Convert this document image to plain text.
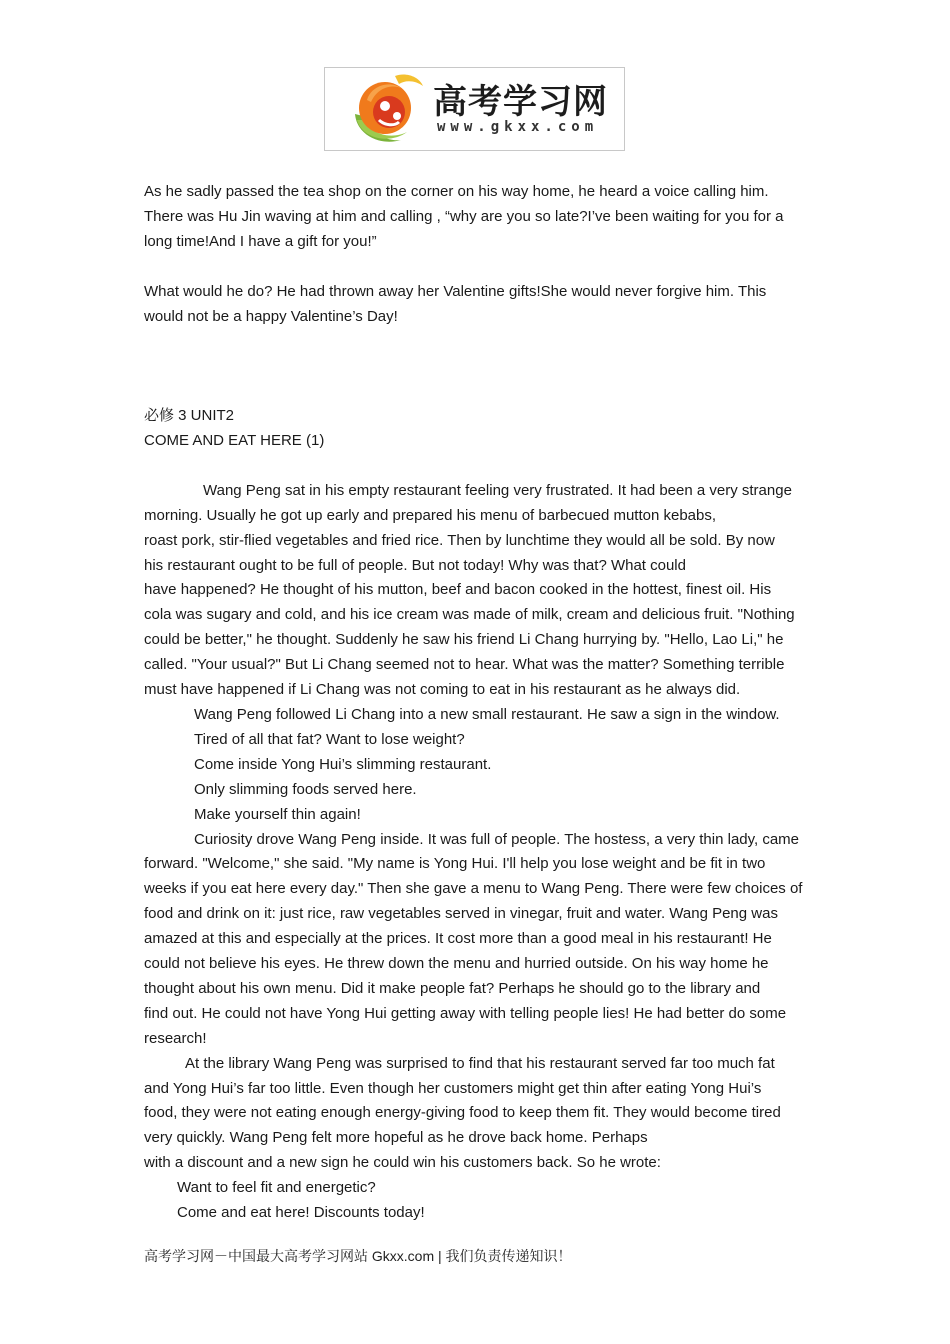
高考学习网
www.gkxx.com
As he sadly passed the tea shop on the corner on his way home, he heard a voice calling him.
There was Hu Jin waving at him and calling , “why are you so late?I’ve been waiting for you for a
long time!And I have a gift for you!”
What would he do? He had thrown away her Valentine gifts!She would never forgive him. This
would not be a happy Valentine’s Day!
必修 3 UNIT2
COME AND EAT HERE (1)
Wang Peng sat in his empty restaurant feeling very frustrated. It had been a very strange
morning. Usually he got up early and prepared his menu of barbecued mutton kebabs,
roast pork, stir-flied vegetables and fried rice. Then by lunchtime they would all be sold. By now
his restaurant ought to be full of people. But not today! Why was that? What could
have happened? He thought of his mutton, beef and bacon cooked in the hottest, finest oil. His
cola was sugary and cold, and his ice cream was made of milk, cream and delicious fruit. "Nothing
could be better," he thought. Suddenly he saw his friend Li Chang hurrying by. "Hello, Lao Li," he
called. "Your usual?" But Li Chang seemed not to hear. What was the matter? Something terrible
must have happened if Li Chang was not coming to eat in his restaurant as he always did.
Wang Peng followed Li Chang into a new small restaurant. He saw a sign in the window.
Tired of all that fat? Want to lose weight?
Come inside Yong Hui’s slimming restaurant.
Only slimming foods served here.
Make yourself thin again!
Curiosity drove Wang Peng inside. It was full of people. The hostess, a very thin lady, came
forward. "Welcome," she said. "My name is Yong Hui. I'll help you lose weight and be fit in two
weeks if you eat here every day." Then she gave a menu to Wang Peng. There were few choices of
food and drink on it: just rice, raw vegetables served in vinegar, fruit and water. Wang Peng was
amazed at this and especially at the prices. It cost more than a good meal in his restaurant! He
could not believe his eyes. He threw down the menu and hurried outside. On his way home he
thought about his own menu. Did it make people fat? Perhaps he should go to the library and
find out. He could not have Yong Hui getting away with telling people lies! He had better do some
research!
At the library Wang Peng was surprised to find that his restaurant served far too much fat
and Yong Hui’s far too little. Even though her customers might get thin after eating Yong Hui’s
food, they were not eating enough energy-giving food to keep them fit. They would become tired
very quickly. Wang Peng felt more hopeful as he drove back home. Perhaps
with a discount and a new sign he could win his customers back. So he wrote:
Want to feel fit and energetic?
Come and eat here! Discounts today!
高考学习网－中国最大高考学习网站 Gkxx.com | 我们负责传递知识！
